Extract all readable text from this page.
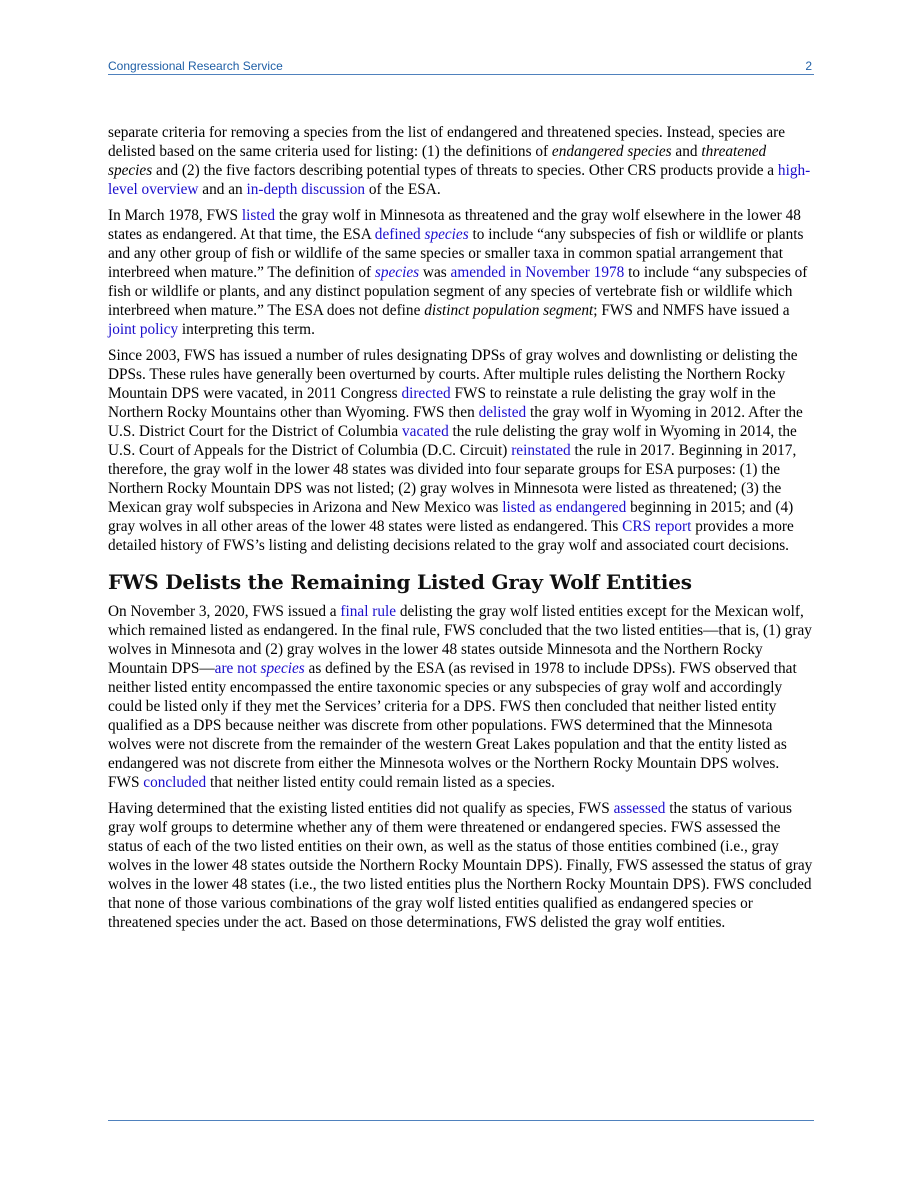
Congressional Research Service	2

separate criteria for removing a species from the list of endangered and threatened species. Instead, species are delisted based on the same criteria used for listing: (1) the definitions of endangered species and threatened species and (2) the five factors describing potential types of threats to species. Other CRS products provide a high-level overview and an in-depth discussion of the ESA.

In March 1978, FWS listed the gray wolf in Minnesota as threatened and the gray wolf elsewhere in the lower 48 states as endangered. At that time, the ESA defined species to include “any subspecies of fish or wildlife or plants and any other group of fish or wildlife of the same species or smaller taxa in common spatial arrangement that interbreed when mature.” The definition of species was amended in November 1978 to include “any subspecies of fish or wildlife or plants, and any distinct population segment of any species of vertebrate fish or wildlife which interbreed when mature.” The ESA does not define distinct population segment; FWS and NMFS have issued a joint policy interpreting this term.

Since 2003, FWS has issued a number of rules designating DPSs of gray wolves and downlisting or delisting the DPSs. These rules have generally been overturned by courts. After multiple rules delisting the Northern Rocky Mountain DPS were vacated, in 2011 Congress directed FWS to reinstate a rule delisting the gray wolf in the Northern Rocky Mountains other than Wyoming. FWS then delisted the gray wolf in Wyoming in 2012. After the U.S. District Court for the District of Columbia vacated the rule delisting the gray wolf in Wyoming in 2014, the U.S. Court of Appeals for the District of Columbia (D.C. Circuit) reinstated the rule in 2017. Beginning in 2017, therefore, the gray wolf in the lower 48 states was divided into four separate groups for ESA purposes: (1) the Northern Rocky Mountain DPS was not listed; (2) gray wolves in Minnesota were listed as threatened; (3) the Mexican gray wolf subspecies in Arizona and New Mexico was listed as endangered beginning in 2015; and (4) gray wolves in all other areas of the lower 48 states were listed as endangered. This CRS report provides a more detailed history of FWS’s listing and delisting decisions related to the gray wolf and associated court decisions.

FWS Delists the Remaining Listed Gray Wolf Entities

On November 3, 2020, FWS issued a final rule delisting the gray wolf listed entities except for the Mexican wolf, which remained listed as endangered. In the final rule, FWS concluded that the two listed entities—that is, (1) gray wolves in Minnesota and (2) gray wolves in the lower 48 states outside Minnesota and the Northern Rocky Mountain DPS—are not species as defined by the ESA (as revised in 1978 to include DPSs). FWS observed that neither listed entity encompassed the entire taxonomic species or any subspecies of gray wolf and accordingly could be listed only if they met the Services’ criteria for a DPS. FWS then concluded that neither listed entity qualified as a DPS because neither was discrete from other populations. FWS determined that the Minnesota wolves were not discrete from the remainder of the western Great Lakes population and that the entity listed as endangered was not discrete from either the Minnesota wolves or the Northern Rocky Mountain DPS wolves. FWS concluded that neither listed entity could remain listed as a species.

Having determined that the existing listed entities did not qualify as species, FWS assessed the status of various gray wolf groups to determine whether any of them were threatened or endangered species. FWS assessed the status of each of the two listed entities on their own, as well as the status of those entities combined (i.e., gray wolves in the lower 48 states outside the Northern Rocky Mountain DPS). Finally, FWS assessed the status of gray wolves in the lower 48 states (i.e., the two listed entities plus the Northern Rocky Mountain DPS). FWS concluded that none of those various combinations of the gray wolf listed entities qualified as endangered species or threatened species under the act. Based on those determinations, FWS delisted the gray wolf entities.
